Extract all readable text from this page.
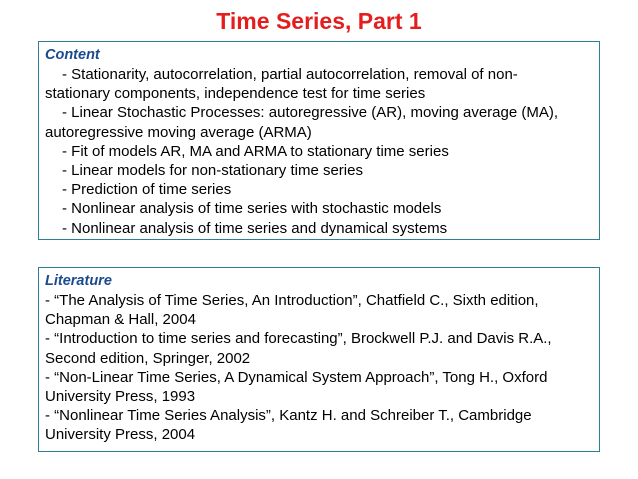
Time Series, Part 1
Content
- Stationarity, autocorrelation, partial autocorrelation, removal of non-
stationary components, independence test for time series
- Linear Stochastic Processes: autoregressive (AR), moving average (MA),
autoregressive moving average (ARMA)
- Fit of models AR, MA and ARMA to stationary time series
- Linear models for non-stationary time series
- Prediction of time series
- Nonlinear analysis of time series with stochastic models
- Nonlinear analysis of time series and dynamical systems
Literature
- “The Analysis of Time Series, An Introduction”, Chatfield C., Sixth edition,
Chapman & Hall, 2004
- “Introduction to time series and forecasting”, Brockwell P.J. and Davis R.A.,
Second edition, Springer, 2002
- “Non-Linear Time Series, A Dynamical System Approach”, Tong H., Oxford
University Press, 1993
- “Nonlinear Time Series Analysis”, Kantz H. and Schreiber T., Cambridge
University Press, 2004
